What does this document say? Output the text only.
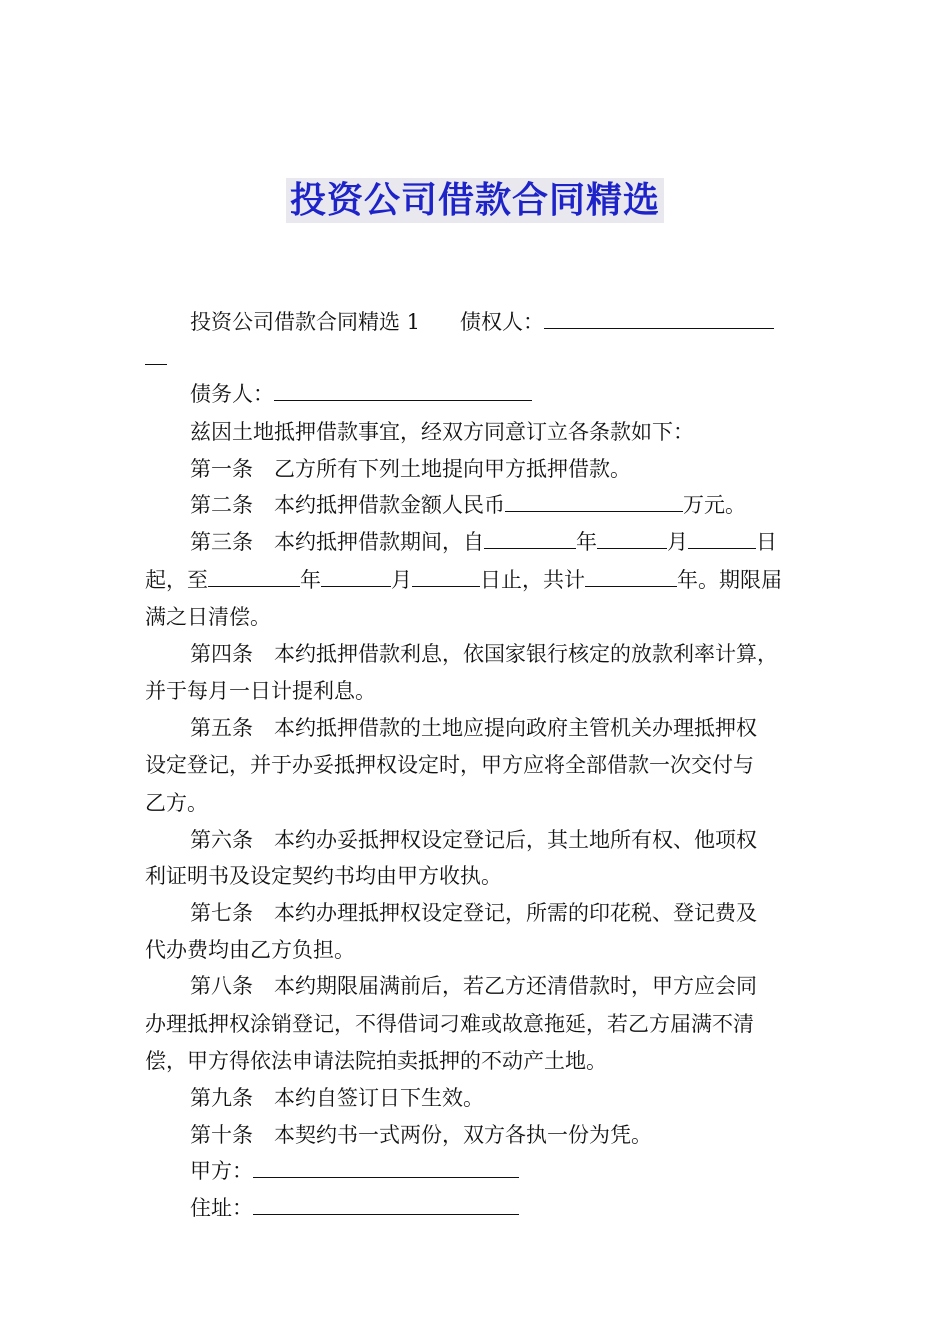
投资公司借款合同精选
投资公司借款合同精选 1 债权人：
债务人：
兹因土地抵押借款事宜，经双方同意订立各条款如下：
第一条　乙方所有下列土地提向甲方抵押借款。
第二条　本约抵押借款金额人民币	万元。
第三条　本约抵押借款期间，自	年	月	日
起，至	年	月	日止，共计	年。期限届
满之日清偿。
第四条　本约抵押借款利息，依国家银行核定的放款利率计算，
并于每月一日计提利息。
第五条　本约抵押借款的土地应提向政府主管机关办理抵押权
设定登记，并于办妥抵押权设定时，甲方应将全部借款一次交付与
乙方。
第六条　本约办妥抵押权设定登记后，其土地所有权、他项权
利证明书及设定契约书均由甲方收执。
第七条　本约办理抵押权设定登记，所需的印花税、登记费及
代办费均由乙方负担。
第八条　本约期限届满前后，若乙方还清借款时，甲方应会同
办理抵押权涂销登记，不得借词刁难或故意拖延，若乙方届满不清
偿，甲方得依法申请法院拍卖抵押的不动产土地。
第九条　本约自签订日下生效。
第十条　本契约书一式两份，双方各执一份为凭。
甲方：
住址：
